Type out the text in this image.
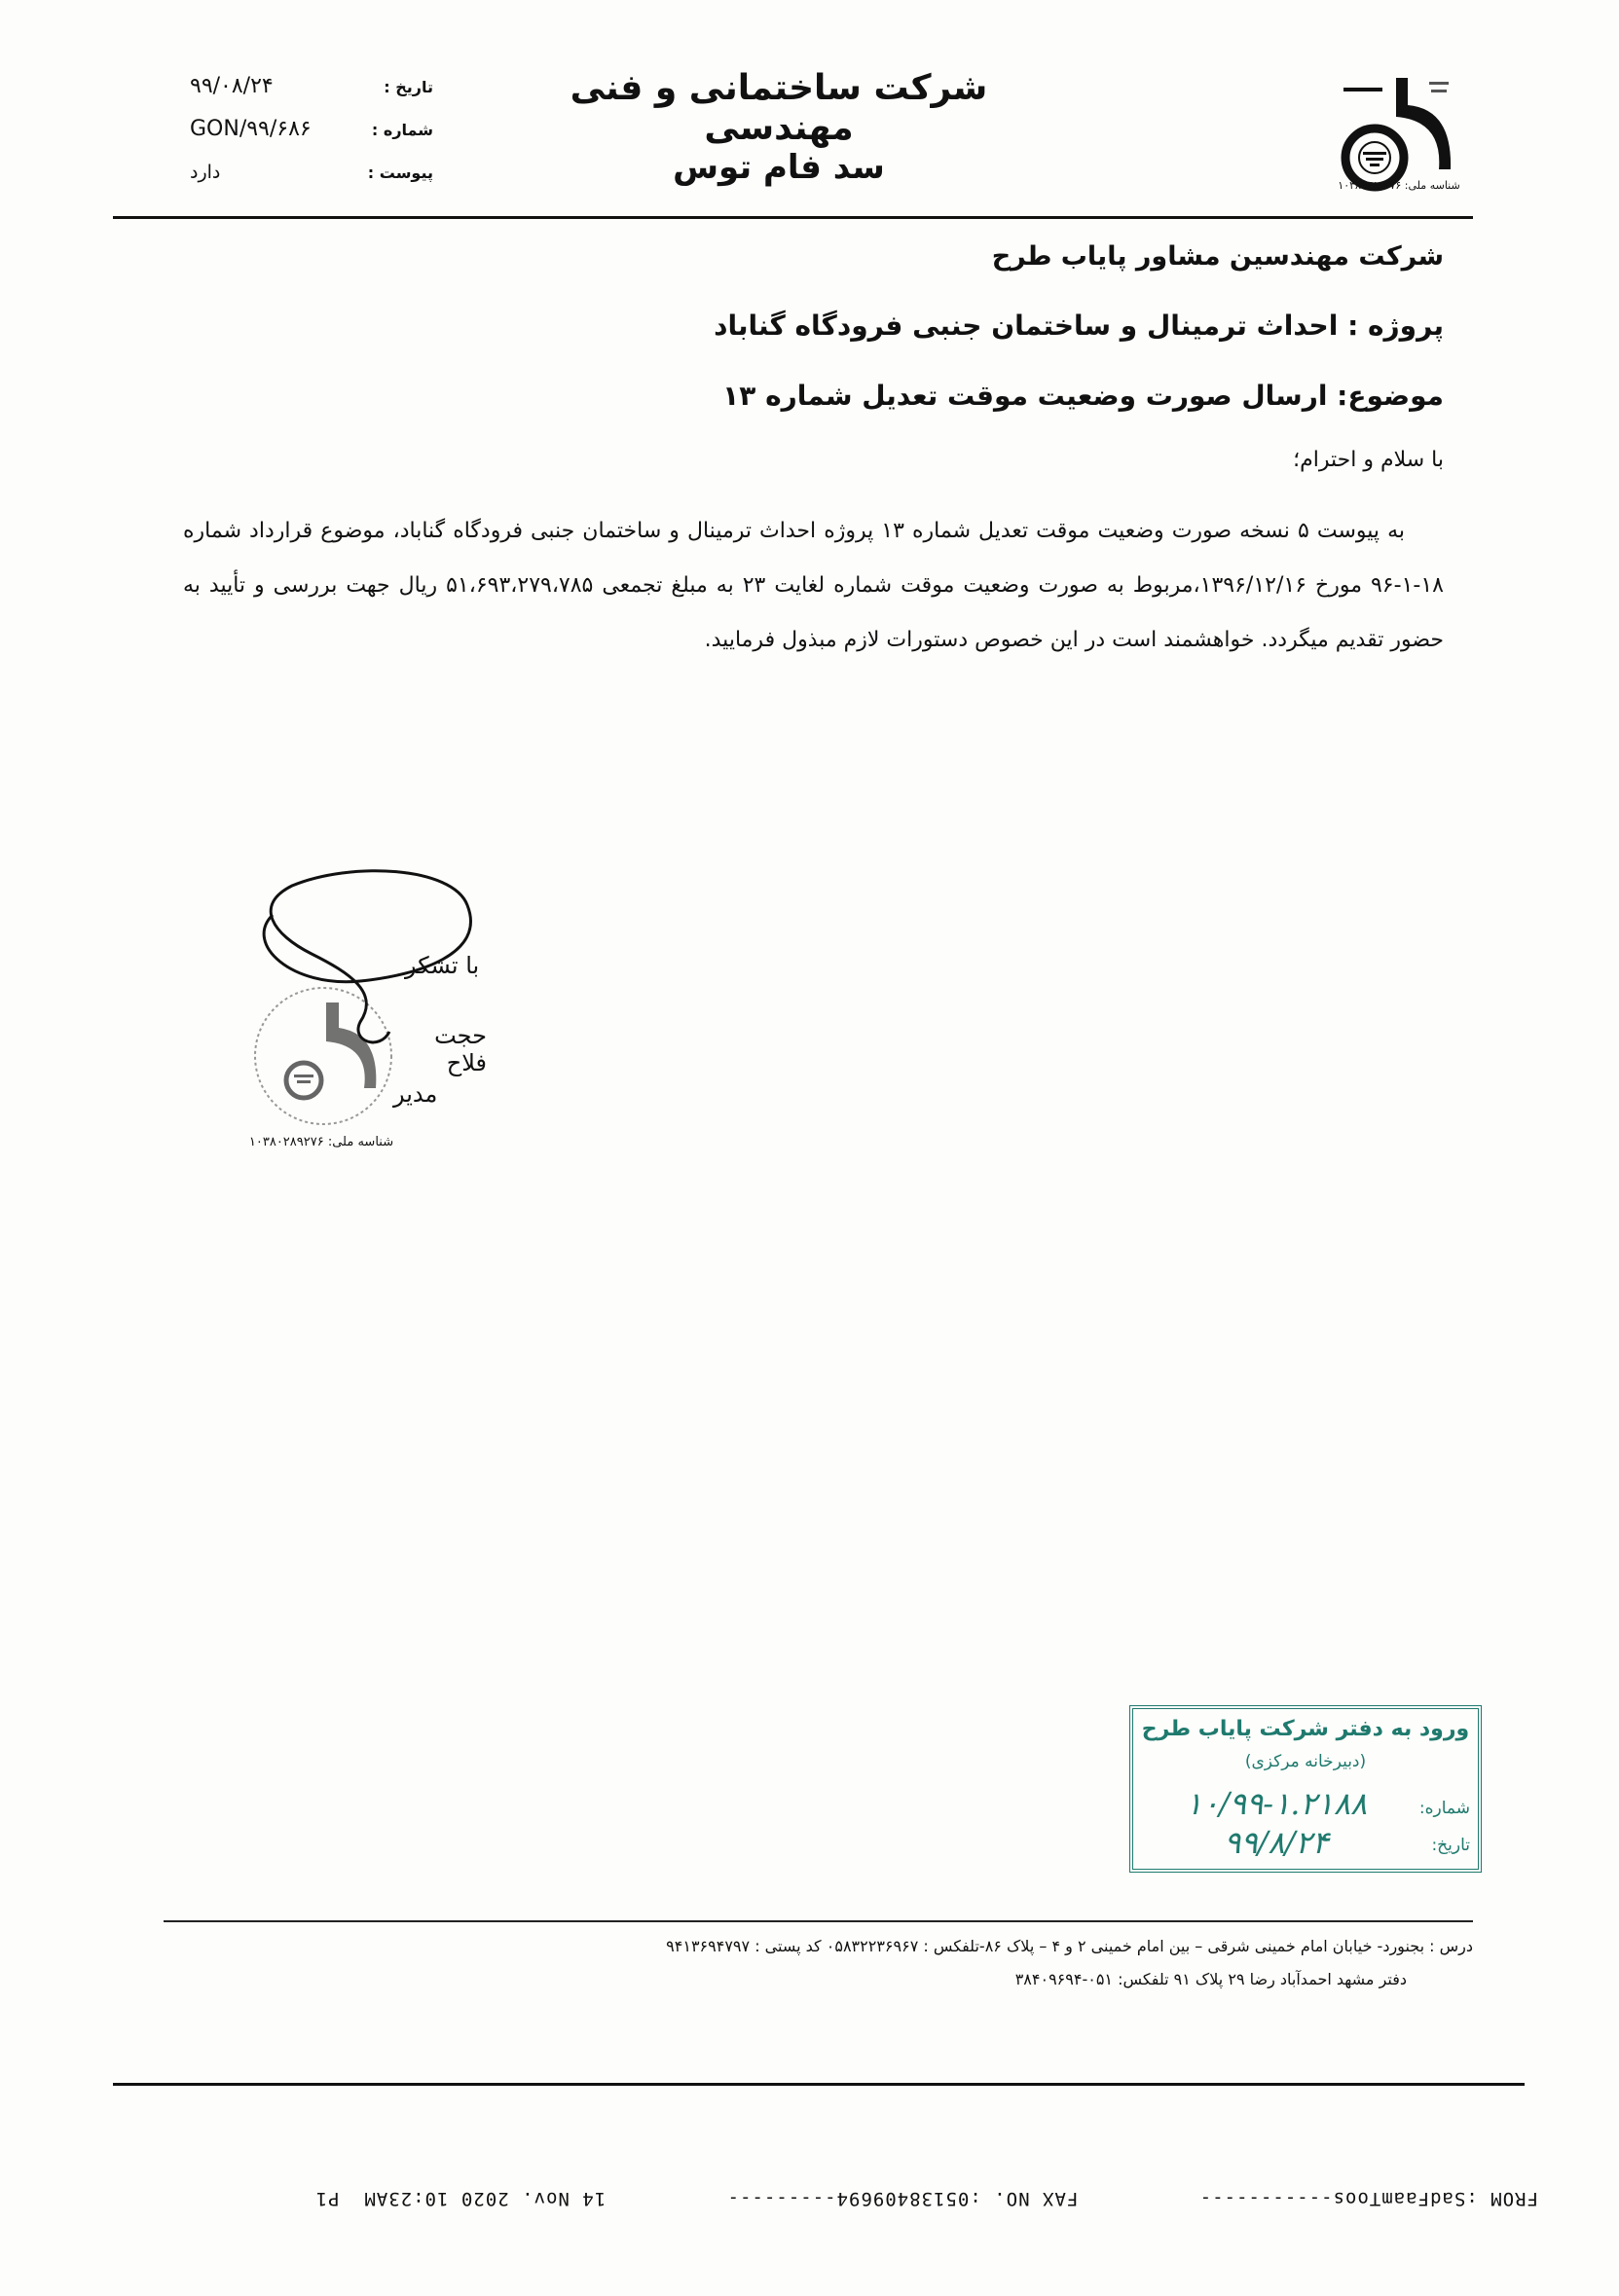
شناسه ملی: ۱۰۳۸۰۲۸۹۲۷۶
شرکت ساختمانی و فنی مهندسی
سد فام توس
تاریخ :
۹۹/۰۸/۲۴
شماره :
GON/۹۹/۶۸۶
پیوست :
دارد
شرکت مهندسین مشاور پایاب طرح
پروژه : احداث ترمینال و ساختمان جنبی فرودگاه گناباد
موضوع: ارسال صورت وضعیت موقت تعدیل شماره ۱۳
با سلام و احترام؛
به پیوست ۵ نسخه صورت وضعیت موقت تعدیل شماره ۱۳ پروژه احداث ترمینال و ساختمان جنبی فرودگاه گناباد، موضوع قرارداد شماره ۱۸-۱-۹۶ مورخ ۱۳۹۶/۱۲/۱۶،مربوط به صورت وضعیت موقت شماره لغایت ۲۳ به مبلغ تجمعی ۵۱،۶۹۳،۲۷۹،۷۸۵ ریال جهت بررسی و تأیید به حضور تقدیم میگردد. خواهشمند است در این خصوص دستورات لازم مبذول فرمایید.
با تشکر
حجت فلاح
مدیر
شناسه ملی: ۱۰۳۸۰۲۸۹۲۷۶
ورود به دفتر شرکت پایاب طرح
(دبیرخانه مرکزی)
شماره:
۱۰/۹۹-۱.۲۱۸۸
تاریخ:
۹۹/۸/۲۴
درس : بجنورد- خیابان امام خمینی شرقی – بین امام خمینی ۲ و ۴ – پلاک ۸۶-تلفکس : ۰۵۸۳۲۲۳۶۹۶۷ کد پستی : ۹۴۱۳۶۹۴۷۹۷
دفتر مشهد احمدآباد رضا ۲۹ پلاک ۹۱ تلفکس: ۰۵۱-۳۸۴۰۹۶۹۴
FROM :SadFaamToos-----------          FAX NO. :05138409694---------          14 Nov. 2020 10:23AM  P1
